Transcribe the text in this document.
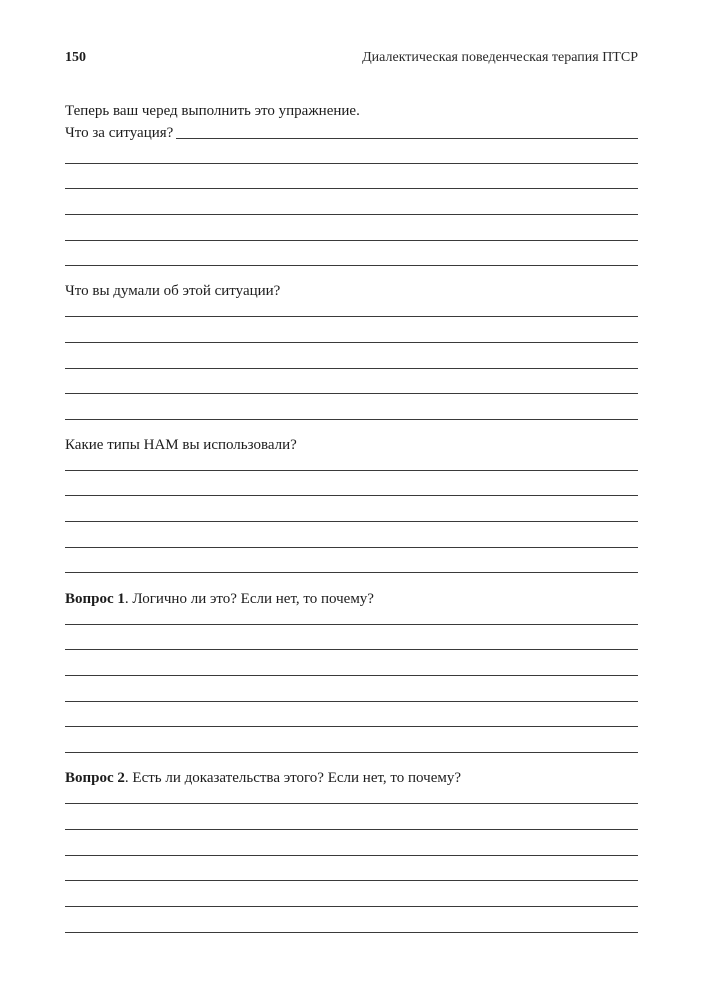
150	Диалектическая поведенческая терапия ПТСР
Теперь ваш черед выполнить это упражнение.
Что за ситуация?
Что вы думали об этой ситуации?
Какие типы НАМ вы использовали?
Вопрос 1. Логично ли это? Если нет, то почему?
Вопрос 2. Есть ли доказательства этого? Если нет, то почему?
